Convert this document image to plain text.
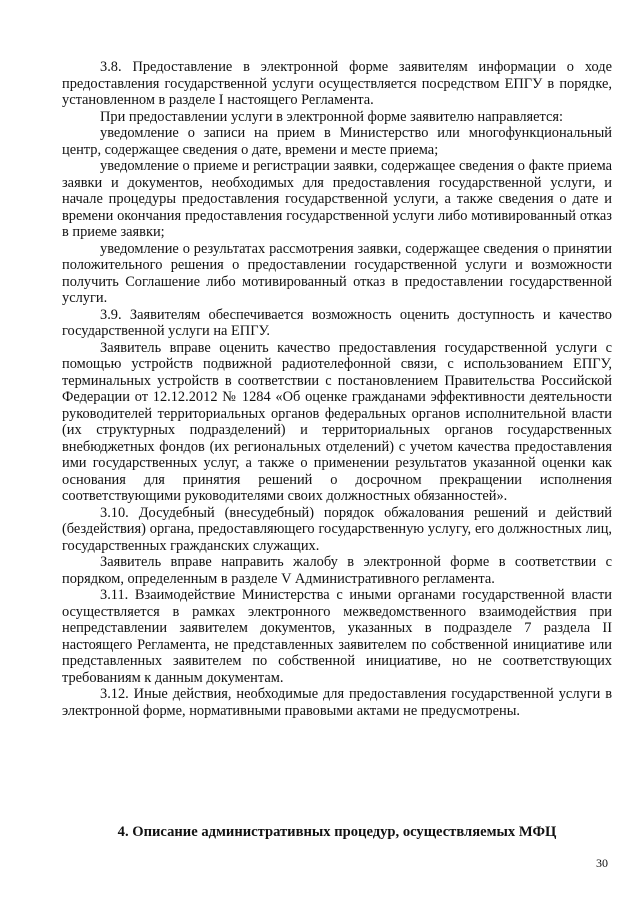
3.8. Предоставление в электронной форме заявителям информации о ходе предоставления государственной услуги осуществляется посредством ЕПГУ в порядке, установленном в разделе I настоящего Регламента.

При предоставлении услуги в электронной форме заявителю направляется:

уведомление о записи на прием в Министерство или многофункциональный центр, содержащее сведения о дате, времени и месте приема;

уведомление о приеме и регистрации заявки, содержащее сведения о факте приема заявки и документов, необходимых для предоставления государственной услуги, и начале процедуры предоставления государственной услуги, а также сведения о дате и времени окончания предоставления государственной услуги либо мотивированный отказ в приеме заявки;

уведомление о результатах рассмотрения заявки, содержащее сведения о принятии положительного решения о предоставлении государственной услуги и возможности получить Соглашение либо мотивированный отказ в предоставлении государственной услуги.

3.9. Заявителям обеспечивается возможность оценить доступность и качество государственной услуги на ЕПГУ.

Заявитель вправе оценить качество предоставления государственной услуги с помощью устройств подвижной радиотелефонной связи, с использованием ЕПГУ, терминальных устройств в соответствии с постановлением Правительства Российской Федерации от 12.12.2012 № 1284 «Об оценке гражданами эффективности деятельности руководителей территориальных органов федеральных органов исполнительной власти (их структурных подразделений) и территориальных органов государственных внебюджетных фондов (их региональных отделений) с учетом качества предоставления ими государственных услуг, а также о применении результатов указанной оценки как основания для принятия решений о досрочном прекращении исполнения соответствующими руководителями своих должностных обязанностей».

3.10. Досудебный (внесудебный) порядок обжалования решений и действий (бездействия) органа, предоставляющего государственную услугу, его должностных лиц, государственных гражданских служащих.

Заявитель вправе направить жалобу в электронной форме в соответствии с порядком, определенным в разделе V Административного регламента.

3.11. Взаимодействие Министерства с иными органами государственной власти осуществляется в рамках электронного межведомственного взаимодействия при непредставлении заявителем документов, указанных в подразделе 7 раздела II настоящего Регламента, не представленных заявителем по собственной инициативе или представленных заявителем по собственной инициативе, но не соответствующих требованиям к данным документам.

3.12. Иные действия, необходимые для предоставления государственной услуги в электронной форме, нормативными правовыми актами не предусмотрены.

4. Описание административных процедур, осуществляемых МФЦ
30
